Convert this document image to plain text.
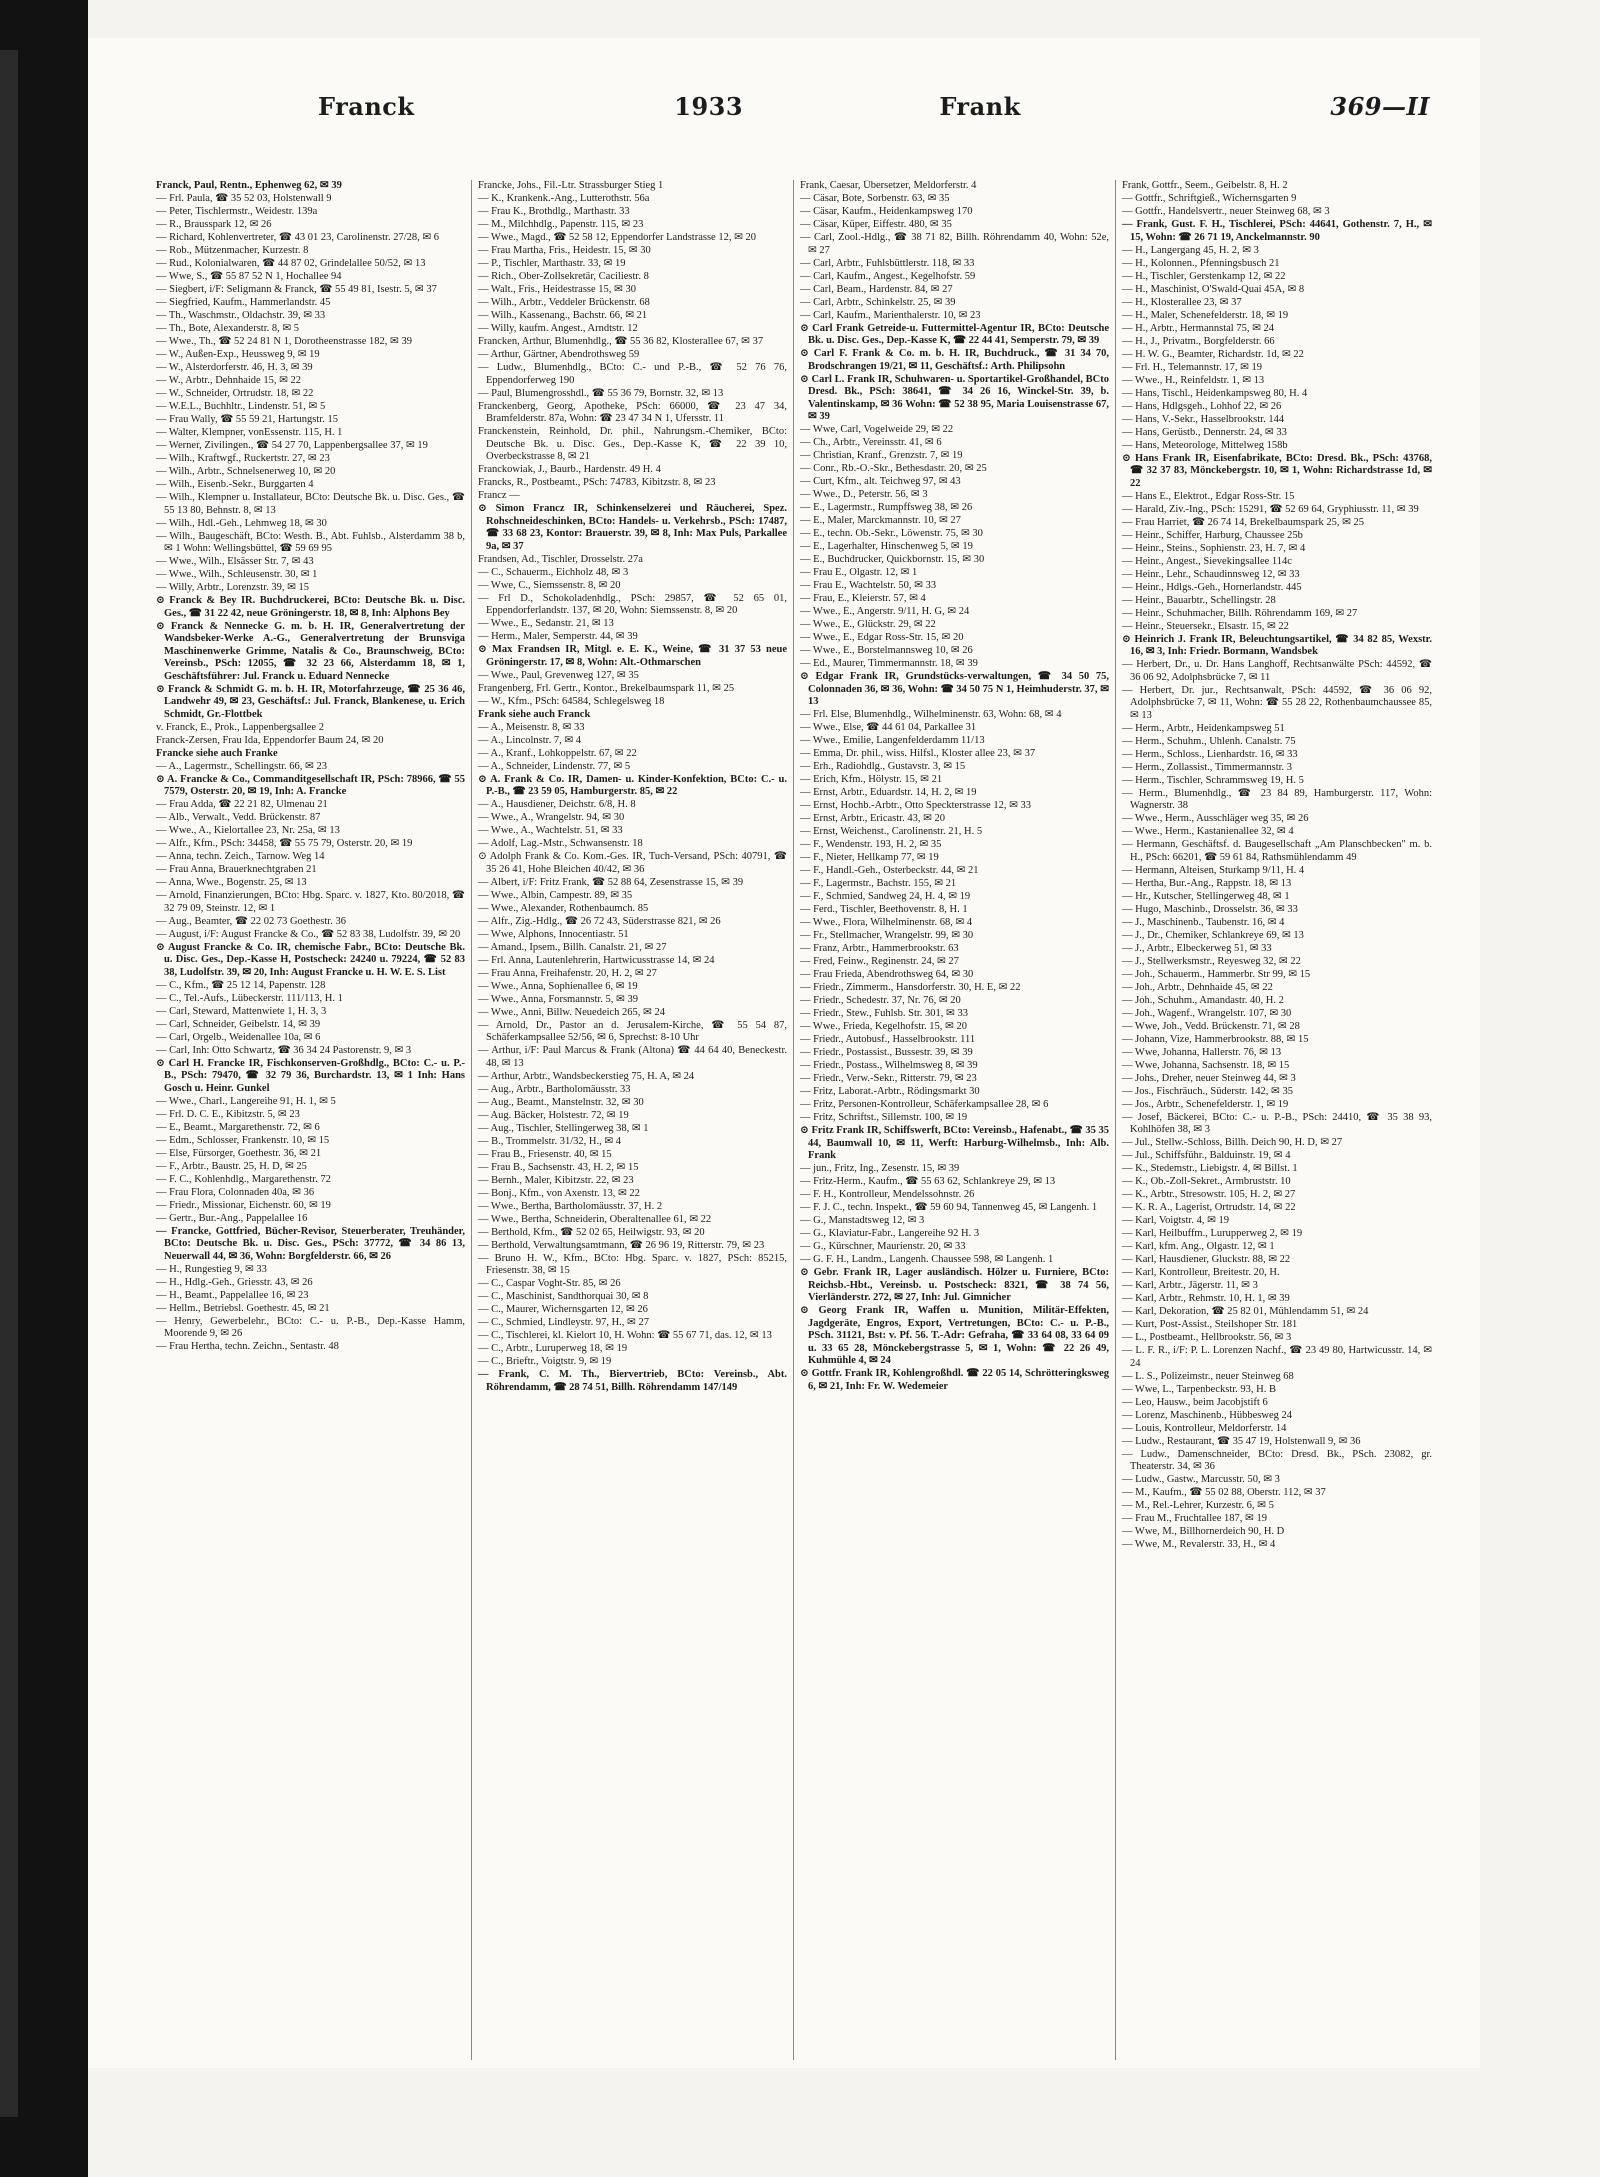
Franck	1933	Frank	369—II
Franck, Paul, Rentn., Ephenweg 62, ✉ 39
— Frl. Paula, ☎ 35 52 03, Holstenwall 9
— Peter, Tischlermstr., Weidestr. 139a
— R., Brausspark 12, ✉ 26
— Richard, Kohlenvertreter, ☎ 43 01 23, Carolinenstr. 27/28, ✉ 6
— Rob., Mützenmacher, Kurzestr. 8
— Rud., Kolonialwaren, ☎ 44 87 02, Grindelallee 50/52, ✉ 13
— Wwe, S., ☎ 55 87 52 N 1, Hochallee 94
— Siegbert, i/F: Seligmann & Franck, ☎ 55 49 81, Isestr. 5, ✉ 37
— Siegfried, Kaufm., Hammerlandstr. 45
— Th., Waschmstr., Oldachstr. 39, ✉ 33
— Th., Bote, Alexanderstr. 8, ✉ 5
— Wwe., Th., ☎ 52 24 81 N 1, Dorotheenstrasse 182, ✉ 39
— W., Außen-Exp., Heussweg 9, ✉ 19
— W., Alsterdorferstr. 46, H. 3, ✉ 39
— W., Arbtr., Dehnhaide 15, ✉ 22
— W., Schneider, Ortrudstr. 18, ✉ 22
— W.E.L., Buchhltr., Lindenstr. 51, ✉ 5
— Frau Wally, ☎ 55 59 21, Hartungstr. 15
— Walter, Klempner, vonEssenstr. 115, H. 1
— Werner, Zivilingen., ☎ 54 27 70, Lappenbergsallee 37, ✉ 19
— Wilh., Kraftwgf., Ruckertstr. 27, ✉ 23
— Wilh., Arbtr., Schnelsenerweg 10, ✉ 20
— Wilh., Eisenb.-Sekr., Burggarten 4
— Wilh., Klempner u. Installateur, BCto: Deutsche Bk. u. Disc. Ges., ☎ 55 13 80, Behnstr. 8, ✉ 13
— Wilh., Hdl.-Geh., Lehmweg 18, ✉ 30
— Wilh., Baugeschäft, BCto: Westh. B., Abt. Fuhlsb., Alsterdamm 38 b, ✉ 1 Wohn: Wellingsbüttel, ☎ 59 69 95
— Wwe., Wilh., Elsässer Str. 7, ✉ 43
— Wwe., Wilh., Schleusenstr. 30, ✉ 1
— Willy, Arbtr., Lorenzstr. 39, ✉ 15
⊙ Franck & Bey IR. Buchdruckerei, BCto: Deutsche Bk. u. Disc. Ges., ☎ 31 22 42, neue Gröningerstr. 18, ✉ 8, Inh: Alphons Bey
⊙ Franck & Nennecke G. m. b. H. IR, Generalvertretung der Wandsbeker-Werke A.-G., Generalvertretung der Brunsviga Maschinenwerke Grimme, Natalis & Co., Braunschweig, BCto: Vereinsb., PSch: 12055, ☎ 32 23 66, Alsterdamm 18, ✉ 1, Geschäftsführer: Jul. Franck u. Eduard Nennecke
⊙ Franck & Schmidt G. m. b. H. IR, Motorfahrzeuge, ☎ 25 36 46, Landwehr 49, ✉ 23, Geschäftsf.: Jul. Franck, Blankenese, u. Erich Schmidt, Gr.-Flottbek
v. Franck, E., Prok., Lappenbergsallee 2
Franck-Zersen, Frau Ida, Eppendorfer Baum 24, ✉ 20
Francke siehe auch Franke
— A., Lagermstr., Schellingstr. 66, ✉ 23
⊙ A. Francke & Co., Commanditgesellschaft IR, PSch: 78966, ☎ 55 7579, Osterstr. 20, ✉ 19, Inh: A. Francke
— Frau Adda, ☎ 22 21 82, Ulmenau 21
— Alb., Verwalt., Vedd. Brückenstr. 87
— Wwe., A., Kielortallee 23, Nr. 25a, ✉ 13
— Alfr., Kfm., PSch: 34458, ☎ 55 75 79, Osterstr. 20, ✉ 19
— Anna, techn. Zeich., Tarnow. Weg 14
— Frau Anna, Brauerknechtgraben 21
— Anna, Wwe., Bogenstr. 25, ✉ 13
— Arnold, Finanzierungen, BCto: Hbg. Sparc. v. 1827, Kto. 80/2018, ☎ 32 79 09, Steinstr. 12, ✉ 1
— Aug., Beamter, ☎ 22 02 73 Goethestr. 36
— August, i/F: August Francke & Co., ☎ 52 83 38, Ludolfstr. 39, ✉ 20
⊙ August Francke & Co. IR, chemische Fabr., BCto: Deutsche Bk. u. Disc. Ges., Dep.-Kasse H, Postscheck: 24240 u. 79224, ☎ 52 83 38, Ludolfstr. 39, ✉ 20, Inh: August Francke u. H. W. E. S. List
— C., Kfm., ☎ 25 12 14, Papenstr. 128
— C., Tel.-Aufs., Lübeckerstr. 111/113, H. 1
— Carl, Steward, Mattenwiete 1, H. 3, 3
— Carl, Schneider, Geibelstr. 14, ✉ 39
— Carl, Orgelb., Weidenallee 10a, ✉ 6
— Carl, Inh: Otto Schwartz, ☎ 36 34 24 Pastorenstr. 9, ✉ 3
⊙ Carl H. Francke IR, Fischkonserven-Großhdlg., BCto: C.- u. P.-B., PSch: 79470, ☎ 32 79 36, Burchardstr. 13, ✉ 1 Inh: Hans Gosch u. Heinr. Gunkel
— Wwe., Charl., Langereihe 91, H. 1, ✉ 5
— Frl. D. C. E., Kibitzstr. 5, ✉ 23
— E., Beamt., Margarethenstr. 72, ✉ 6
— Edm., Schlosser, Frankenstr. 10, ✉ 15
— Else, Fürsorger, Goethestr. 36, ✉ 21
— F., Arbtr., Baustr. 25, H. D, ✉ 25
— F. C., Kohlenhdlg., Margarethenstr. 72
— Frau Flora, Colonnaden 40a, ✉ 36
— Friedr., Missionar, Eichenstr. 60, ✉ 19
— Gertr., Bur.-Ang., Pappelallee 16
— Francke, Gottfried, Bücher-Revisor, Steuerberater, Treuhänder, BCto: Deutsche Bk. u. Disc. Ges., PSch: 37772, ☎ 34 86 13, Neuerwall 44, ✉ 36, Wohn: Borgfelderstr. 66, ✉ 26
— H., Rungestieg 9, ✉ 33
— H., Hdlg.-Geh., Griesstr. 43, ✉ 26
— H., Beamt., Pappelallee 16, ✉ 23
— Hellm., Betriebsl. Goethestr. 45, ✉ 21
— Henry, Gewerbelehr., BCto: C.- u. P.-B., Dep.-Kasse Hamm, Moorende 9, ✉ 26
— Frau Hertha, techn. Zeichn., Sentastr. 48
Francke, Johs., Fil.-Ltr. Strassburger Stieg 1
— K., Krankenk.-Ang., Lutterothstr. 56a
— Frau K., Brothdlg., Marthastr. 33
— M., Milchhdlg., Papenstr. 115, ✉ 23
— Wwe., Magd., ☎ 52 58 12, Eppendorfer Landstrasse 12, ✉ 20
— Frau Martha, Fris., Heidestr. 15, ✉ 30
— P., Tischler, Marthastr. 33, ✉ 19
— Rich., Ober-Zollsekretär, Caciliestr. 8
— Walt., Fris., Heidestrasse 15, ✉ 30
— Wilh., Arbtr., Veddeler Brückenstr. 68
— Wilh., Kassenang., Bachstr. 66, ✉ 21
— Willy, kaufm. Angest., Arndtstr. 12
Francken, Arthur, Blumenhdlg., ☎ 55 36 82, Klosterallee 67, ✉ 37
— Arthur, Gärtner, Abendrothsweg 59
— Ludw., Blumenhdlg., BCto: C.- und P.-B., ☎ 52 76 76, Eppendorferweg 190
— Paul, Blumengrosshdl., ☎ 55 36 79, Bornstr. 32, ✉ 13
Franckenberg, Georg, Apotheke, PSch: 66000, ☎ 23 47 34, Bramfelderstr. 87a, Wohn: ☎ 23 47 34 N 1, Ufersstr. 11
Franckenstein, Reinhold, Dr. phil., Nahrungsm.-Chemiker, BCto: Deutsche Bk. u. Disc. Ges., Dep.-Kasse K, ☎ 22 39 10, Overbeckstrasse 8, ✉ 21
Franckowiak, J., Baurb., Hardenstr. 49 H. 4
Francks, R., Postbeamt., PSch: 74783, Kibitzstr. 8, ✉ 23
Francz —
⊙ Simon Francz IR, Schinkenselzerei und Räucherei, Spez. Rohschneideschinken, BCto: Handels- u. Verkehrsb., PSch: 17487, ☎ 33 68 23, Kontor: Brauerstr. 39, ✉ 8, Inh: Max Puls, Parkallee 9a, ✉ 37
Frandsen, Ad., Tischler, Drosselstr. 27a
— C., Schauerm., Eichholz 48, ✉ 3
— Wwe, C., Siemssenstr. 8, ✉ 20
— Frl D., Schokoladenhdlg., PSch: 29857, ☎ 52 65 01, Eppendorferlandstr. 137, ✉ 20, Wohn: Siemssenstr. 8, ✉ 20
— Wwe., E., Sedanstr. 21, ✉ 13
— Herm., Maler, Semperstr. 44, ✉ 39
⊙ Max Frandsen IR, Mitgl. e. E. K., Weine, ☎ 31 37 53 neue Gröningerstr. 17, ✉ 8, Wohn: Alt.-Othmarschen
— Wwe., Paul, Grevenweg 127, ✉ 35
Frangenberg, Frl. Gertr., Kontor., Brekelbaumspark 11, ✉ 25
— W., Kfm., PSch: 64584, Schlegelsweg 18
Frank siehe auch Franck
— A., Meisenstr. 8, ✉ 33
— A., Lincolnstr. 7, ✉ 4
— A., Kranf., Lohkoppelstr. 67, ✉ 22
— A., Schneider, Lindenstr. 77, ✉ 5
⊙ A. Frank & Co. IR, Damen- u. Kinder-Konfektion, BCto: C.- u. P.-B., ☎ 23 59 05, Hamburgerstr. 85, ✉ 22
— A., Hausdiener, Deichstr. 6/8, H. 8
— Wwe., A., Wrangelstr. 94, ✉ 30
— Wwe., A., Wachtelstr. 51, ✉ 33
— Adolf, Lag.-Mstr., Schwansenstr. 18
⊙ Adolph Frank & Co. Kom.-Ges. IR, Tuch-Versand, PSch: 40791, ☎ 35 26 41, Hohe Bleichen 40/42, ✉ 36
— Albert, i/F: Fritz Frank, ☎ 52 88 64, Zesenstrasse 15, ✉ 39
— Wwe., Albin, Campestr. 89, ✉ 35
— Wwe., Alexander, Rothenbaumch. 85
— Alfr., Zig.-Hdlg., ☎ 26 72 43, Süderstrasse 821, ✉ 26
— Wwe, Alphons, Innocentiastr. 51
— Amand., Ipsem., Billh. Canalstr. 21, ✉ 27
— Frl. Anna, Lautenlehrerin, Hartwicusstrasse 14, ✉ 24
— Frau Anna, Freihafenstr. 20, H. 2, ✉ 27
— Wwe., Anna, Sophienallee 6, ✉ 19
— Wwe., Anna, Forsmannstr. 5, ✉ 39
— Wwe., Anni, Billw. Neuedeich 265, ✉ 24
— Arnold, Dr., Pastor an d. Jerusalem-Kirche, ☎ 55 54 87, Schäferkampsallee 52/56, ✉ 6, Sprechst: 8-10 Uhr
— Arthur, i/F: Paul Marcus & Frank (Altona) ☎ 44 64 40, Beneckestr. 48, ✉ 13
— Arthur, Arbtr., Wandsbeckerstieg 75, H. A, ✉ 24
— Aug., Arbtr., Bartholomäusstr. 33
— Aug., Beamt., Manstelnstr. 32, ✉ 30
— Aug. Bäcker, Holstestr. 72, ✉ 19
— Aug., Tischler, Stellingerweg 38, ✉ 1
— B., Trommelstr. 31/32, H., ✉ 4
— Frau B., Friesenstr. 40, ✉ 15
— Frau B., Sachsenstr. 43, H. 2, ✉ 15
— Bernh., Maler, Kibitzstr. 22, ✉ 23
— Bonj., Kfm., von Axenstr. 13, ✉ 22
— Wwe., Bertha, Bartholomäusstr. 37, H. 2
— Wwe., Bertha, Schneiderin, Oberaltenallee 61, ✉ 22
— Berthold, Kfm., ☎ 52 02 65, Heilwigstr. 93, ✉ 20
— Berthold, Verwaltungsamtmann, ☎ 26 96 19, Ritterstr. 79, ✉ 23
— Bruno H. W., Kfm., BCto: Hbg. Sparc. v. 1827, PSch: 85215, Friesenstr. 38, ✉ 15
— C., Caspar Voght-Str. 85, ✉ 26
— C., Maschinist, Sandthorquai 30, ✉ 8
— C., Maurer, Wichernsgarten 12, ✉ 26
— C., Schmied, Lindleystr. 97, H., ✉ 27
— C., Tischlerei, kl. Kielort 10, H. Wohn: ☎ 55 67 71, das. 12, ✉ 13
— C., Arbtr., Luruperweg 18, ✉ 19
— C., Brieftr., Voigtstr. 9, ✉ 19
— Frank, C. M. Th., Biervertrieb, BCto: Vereinsb., Abt. Röhrendamm, ☎ 28 74 51, Billh. Röhrendamm 147/149
Frank, Caesar, Übersetzer, Meldorferstr. 4
— Cäsar, Bote, Sorbenstr. 63, ✉ 35
— Cäsar, Kaufm., Heidenkampsweg 170
— Cäsar, Küper, Eiffestr. 480, ✉ 35
— Carl, Zool.-Hdlg., ☎ 38 71 82, Billh. Röhrendamm 40, Wohn: 52e, ✉ 27
— Carl, Arbtr., Fuhlsbüttlerstr. 118, ✉ 33
— Carl, Kaufm., Angest., Kegelhofstr. 59
— Carl, Beam., Hardenstr. 84, ✉ 27
— Carl, Arbtr., Schinkelstr. 25, ✉ 39
— Carl, Kaufm., Marienthalerstr. 10, ✉ 23
⊙ Carl Frank Getreide-u. Futtermittel-Agentur IR, BCto: Deutsche Bk. u. Disc. Ges., Dep.-Kasse K, ☎ 22 44 41, Semperstr. 79, ✉ 39
⊙ Carl F. Frank & Co. m. b. H. IR, Buchdruck., ☎ 31 34 70, Brodschrangen 19/21, ✉ 11, Geschäftsf.: Arth. Philipsohn
⊙ Carl L. Frank IR, Schuhwaren- u. Sportartikel-Großhandel, BCto Dresd. Bk., PSch: 38641, ☎ 34 26 16, Winckel-Str. 39, b. Valentinskamp, ✉ 36 Wohn: ☎ 52 38 95, Maria Louisenstrasse 67, ✉ 39
— Wwe, Carl, Vogelweide 29, ✉ 22
— Ch., Arbtr., Vereinsstr. 41, ✉ 6
— Christian, Kranf., Grenzstr. 7, ✉ 19
— Conr., Rb.-O.-Skr., Bethesdastr. 20, ✉ 25
— Curt, Kfm., alt. Teichweg 97, ✉ 43
— Wwe., D., Peterstr. 56, ✉ 3
— E., Lagermstr., Rumpffsweg 38, ✉ 26
— E., Maler, Marckmannstr. 10, ✉ 27
— E., techn. Ob.-Sekr., Löwenstr. 75, ✉ 30
— E., Lagerhalter, Hinschenweg 5, ✉ 19
— E., Buchdrucker, Quickbornstr. 15, ✉ 30
— Frau E., Olgastr. 12, ✉ 1
— Frau E., Wachtelstr. 50, ✉ 33
— Frau, E., Kleierstr. 57, ✉ 4
— Wwe., E., Angerstr. 9/11, H. G, ✉ 24
— Wwe., E., Glückstr. 29, ✉ 22
— Wwe., E., Edgar Ross-Str. 15, ✉ 20
— Wwe., E., Borstelmannsweg 10, ✉ 26
— Ed., Maurer, Timmermannstr. 18, ✉ 39
⊙ Edgar Frank IR, Grundstücks-verwaltungen, ☎ 34 50 75, Colonnaden 36, ✉ 36, Wohn: ☎ 34 50 75 N 1, Heimhuderstr. 37, ✉ 13
— Frl. Else, Blumenhdlg., Wilhelminenstr. 63, Wohn: 68, ✉ 4
— Wwe., Else, ☎ 44 61 04, Parkallee 31
— Wwe., Emilie, Langenfelderdamm 11/13
— Emma, Dr. phil., wiss. Hilfsl., Kloster allee 23, ✉ 37
— Erh., Radiohdlg., Gustavstr. 3, ✉ 15
— Erich, Kfm., Hölystr. 15, ✉ 21
— Ernst, Arbtr., Eduardstr. 14, H. 2, ✉ 19
— Ernst, Hochb.-Arbtr., Otto Speckterstrasse 12, ✉ 33
— Ernst, Arbtr., Ericastr. 43, ✉ 20
— Ernst, Weichenst., Carolinenstr. 21, H. 5
— F., Wendenstr. 193, H. 2, ✉ 35
— F., Nieter, Hellkamp 77, ✉ 19
— F., Handl.-Geh., Osterbeckstr. 44, ✉ 21
— F., Lagermstr., Bachstr. 155, ✉ 21
— F., Schmied, Sandweg 24, H. 4, ✉ 19
— Ferd., Tischler, Beethovenstr. 8, H. 1
— Wwe., Flora, Wilhelminenstr. 68, ✉ 4
— Fr., Stellmacher, Wrangelstr. 99, ✉ 30
— Franz, Arbtr., Hammerbrookstr. 63
— Fred, Feinw., Reginenstr. 24, ✉ 27
— Frau Frieda, Abendrothsweg 64, ✉ 30
— Friedr., Zimmerm., Hansdorferstr. 30, H. E, ✉ 22
— Friedr., Schedestr. 37, Nr. 76, ✉ 20
— Friedr., Stew., Fuhlsb. Str. 301, ✉ 33
— Wwe., Frieda, Kegelhofstr. 15, ✉ 20
— Friedr., Autobusf., Hasselbrookstr. 111
— Friedr., Postassist., Bussestr. 39, ✉ 39
— Friedr., Postass., Wilhelmsweg 8, ✉ 39
— Friedr., Verw.-Sekr., Ritterstr. 79, ✉ 23
— Fritz, Laborat.-Arbtr., Rödingsmarkt 30
— Fritz, Personen-Kontrolleur, Schäferkampsallee 28, ✉ 6
— Fritz, Schriftst., Sillemstr. 100, ✉ 19
⊙ Fritz Frank IR, Schiffswerft, BCto: Vereinsb., Hafenabt., ☎ 35 35 44, Baumwall 10, ✉ 11, Werft: Harburg-Wilhelmsb., Inh: Alb. Frank
— jun., Fritz, Ing., Zesenstr. 15, ✉ 39
— Fritz-Herm., Kaufm., ☎ 55 63 62, Schlankreye 29, ✉ 13
— F. H., Kontrolleur, Mendelssohnstr. 26
— F. J. C., techn. Inspekt., ☎ 59 60 94, Tannenweg 45, ✉ Langenh. 1
— G., Manstadtsweg 12, ✉ 3
— G., Klaviatur-Fabr., Langereihe 92 H. 3
— G., Kürschner, Maurienstr. 20, ✉ 33
— G. F. H., Landm., Langenh. Chaussee 598, ✉ Langenh. 1
⊙ Gebr. Frank IR, Lager ausländisch. Hölzer u. Furniere, BCto: Reichsb.-Hbt., Vereinsb. u. Postscheck: 8321, ☎ 38 74 56, Vierländerstr. 272, ✉ 27, Inh: Jul. Gimnicher
⊙ Georg Frank IR, Waffen u. Munition, Militär-Effekten, Jagdgeräte, Engros, Export, Vertretungen, BCto: C.- u. P.-B., PSch. 31121, Bst: v. Pf. 56. T.-Adr: Gefraha, ☎ 33 64 08, 33 64 09 u. 33 65 28, Mönckebergstrasse 5, ✉ 1, Wohn: ☎ 22 26 49, Kuhmühle 4, ✉ 24
⊙ Gottfr. Frank IR, Kohlengroßhdl. ☎ 22 05 14, Schrötteringksweg 6, ✉ 21, Inh: Fr. W. Wedemeier
Frank, Gottfr., Seem., Geibelstr. 8, H. 2
— Gottfr., Schriftgieß., Wichernsgarten 9
— Gottfr., Handelsvertr., neuer Steinweg 68, ✉ 3
— Frank, Gust. F. H., Tischlerei, PSch: 44641, Gothenstr. 7, H., ✉ 15, Wohn: ☎ 26 71 19, Anckelmannstr. 90
— H., Langergang 45, H. 2, ✉ 3
— H., Kolonnen., Pfenningsbusch 21
— H., Tischler, Gerstenkamp 12, ✉ 22
— H., Maschinist, O'Swald-Quai 45A, ✉ 8
— H., Klosterallee 23, ✉ 37
— H., Maler, Schenefelderstr. 18, ✉ 19
— H., Arbtr., Hermannstal 75, ✉ 24
— H., J., Privatm., Borgfelderstr. 66
— H. W. G., Beamter, Richardstr. 1d, ✉ 22
— Frl. H., Telemannstr. 17, ✉ 19
— Wwe., H., Reinfeldstr. 1, ✉ 13
— Hans, Tischl., Heidenkampsweg 80, H. 4
— Hans, Hdlgsgeh., Lohhof 22, ✉ 26
— Hans, V.-Sekr., Hasselbrookstr. 144
— Hans, Gerüstb., Dennerstr. 24, ✉ 33
— Hans, Meteorologe, Mittelweg 158b
⊙ Hans Frank IR, Eisenfabrikate, BCto: Dresd. Bk., PSch: 43768, ☎ 32 37 83, Mönckebergstr. 10, ✉ 1, Wohn: Richardstrasse 1d, ✉ 22
— Hans E., Elektrot., Edgar Ross-Str. 15
— Harald, Ziv.-Ing., PSch: 15291, ☎ 52 69 64, Gryphiusstr. 11, ✉ 39
— Frau Harriet, ☎ 26 74 14, Brekelbaumspark 25, ✉ 25
— Heinr., Schiffer, Harburg, Chaussee 25b
— Heinr., Steins., Sophienstr. 23, H. 7, ✉ 4
— Heinr., Angest., Sievekingsallee 114c
— Heinr., Lehr., Schaudinnsweg 12, ✉ 33
— Heinr., Hdlgs.-Geh., Hornerlandstr. 445
— Heinr., Bauarbtr., Schellingstr. 28
— Heinr., Schuhmacher, Billh. Röhrendamm 169, ✉ 27
— Heinr., Steuersekr., Elsastr. 15, ✉ 22
⊙ Heinrich J. Frank IR, Beleuchtungsartikel, ☎ 34 82 85, Wexstr. 16, ✉ 3, Inh: Friedr. Bormann, Wandsbek
— Herbert, Dr., u. Dr. Hans Langhoff, Rechtsanwälte PSch: 44592, ☎ 36 06 92, Adolphsbrücke 7, ✉ 11
— Herbert, Dr. jur., Rechtsanwalt, PSch: 44592, ☎ 36 06 92, Adolphsbrücke 7, ✉ 11, Wohn: ☎ 55 28 22, Rothenbaumchaussee 85, ✉ 13
— Herm., Arbtr., Heidenkampsweg 51
— Herm., Schuhm., Uhlenh. Canalstr. 75
— Herm., Schloss., Lienhardstr. 16, ✉ 33
— Herm., Zollassist., Timmermannstr. 3
— Herm., Tischler, Schrammsweg 19, H. 5
— Herm., Blumenhdlg., ☎ 23 84 89, Hamburgerstr. 117, Wohn: Wagnerstr. 38
— Wwe., Herm., Ausschläger weg 35, ✉ 26
— Wwe., Herm., Kastanienallee 32, ✉ 4
— Hermann, Geschäftsf. d. Baugesellschaft „Am Planschbecken" m. b. H., PSch: 66201, ☎ 59 61 84, Rathsmühlendamm 49
— Hermann, Alteisen, Sturkamp 9/11, H. 4
— Hertha, Bur.-Ang., Rappstr. 18, ✉ 13
— Hr., Kutscher, Stellingerweg 48, ✉ 1
— Hugo, Maschinb., Drosselstr. 36, ✉ 33
— J., Maschinenb., Taubenstr. 16, ✉ 4
— J., Dr., Chemiker, Schlankreye 69, ✉ 13
— J., Arbtr., Elbeckerweg 51, ✉ 33
— J., Stellwerksmstr., Reyesweg 32, ✉ 22
— Joh., Schauerm., Hammerbr. Str 99, ✉ 15
— Joh., Arbtr., Dehnhaide 45, ✉ 22
— Joh., Schuhm., Amandastr. 40, H. 2
— Joh., Wagenf., Wrangelstr. 107, ✉ 30
— Wwe, Joh., Vedd. Brückenstr. 71, ✉ 28
— Johann, Vize, Hammerbrookstr. 88, ✉ 15
— Wwe, Johanna, Hallerstr. 76, ✉ 13
— Wwe, Johanna, Sachsenstr. 18, ✉ 15
— Johs., Dreher, neuer Steinweg 44, ✉ 3
— Jos., Fischräuch., Süderstr. 142, ✉ 35
— Jos., Arbtr., Schenefelderstr. 1, ✉ 19
— Josef, Bäckerei, BCto: C.- u. P.-B., PSch: 24410, ☎ 35 38 93, Kohlhöfen 38, ✉ 3
— Jul., Stellw.-Schloss, Billh. Deich 90, H. D, ✉ 27
— Jul., Schiffsführ., Balduinstr. 19, ✉ 4
— K., Stedemstr., Liebigstr. 4, ✉ Billst. 1
— K., Ob.-Zoll-Sekret., Armbruststr. 10
— K., Arbtr., Stresowstr. 105, H. 2, ✉ 27
— K. R. A., Lagerist, Ortrudstr. 14, ✉ 22
— Karl, Voigtstr. 4, ✉ 19
— Karl, Heilbuffm., Lurupperweg 2, ✉ 19
— Karl, kfm. Ang., Olgastr. 12, ✉ 1
— Karl, Hausdiener, Gluckstr. 88, ✉ 22
— Karl, Kontrolleur, Breitestr. 20, H.
— Karl, Arbtr., Jägerstr. 11, ✉ 3
— Karl, Arbtr., Rehmstr. 10, H. 1, ✉ 39
— Karl, Dekoration, ☎ 25 82 01, Mühlendamm 51, ✉ 24
— Kurt, Post-Assist., Steilshoper Str. 181
— L., Postbeamt., Hellbrookstr. 56, ✉ 3
— L. F. R., i/F: P. L. Lorenzen Nachf., ☎ 23 49 80, Hartwicusstr. 14, ✉ 24
— L. S., Polizeimstr., neuer Steinweg 68
— Wwe, L., Tarpenbeckstr. 93, H. B
— Leo, Hausw., beim Jacobjstift 6
— Lorenz, Maschinenb., Hübbesweg 24
— Louis, Kontrolleur, Meldorferstr. 14
— Ludw., Restaurant, ☎ 35 47 19, Holstenwall 9, ✉ 36
— Ludw., Damenschneider, BCto: Dresd. Bk., PSch. 23082, gr. Theaterstr. 34, ✉ 36
— Ludw., Gastw., Marcusstr. 50, ✉ 3
— M., Kaufm., ☎ 55 02 88, Oberstr. 112, ✉ 37
— M., Rel.-Lehrer, Kurzestr. 6, ✉ 5
— Frau M., Fruchtallee 187, ✉ 19
— Wwe, M., Billhornerdeich 90, H. D
— Wwe, M., Revalerstr. 33, H., ✉ 4
